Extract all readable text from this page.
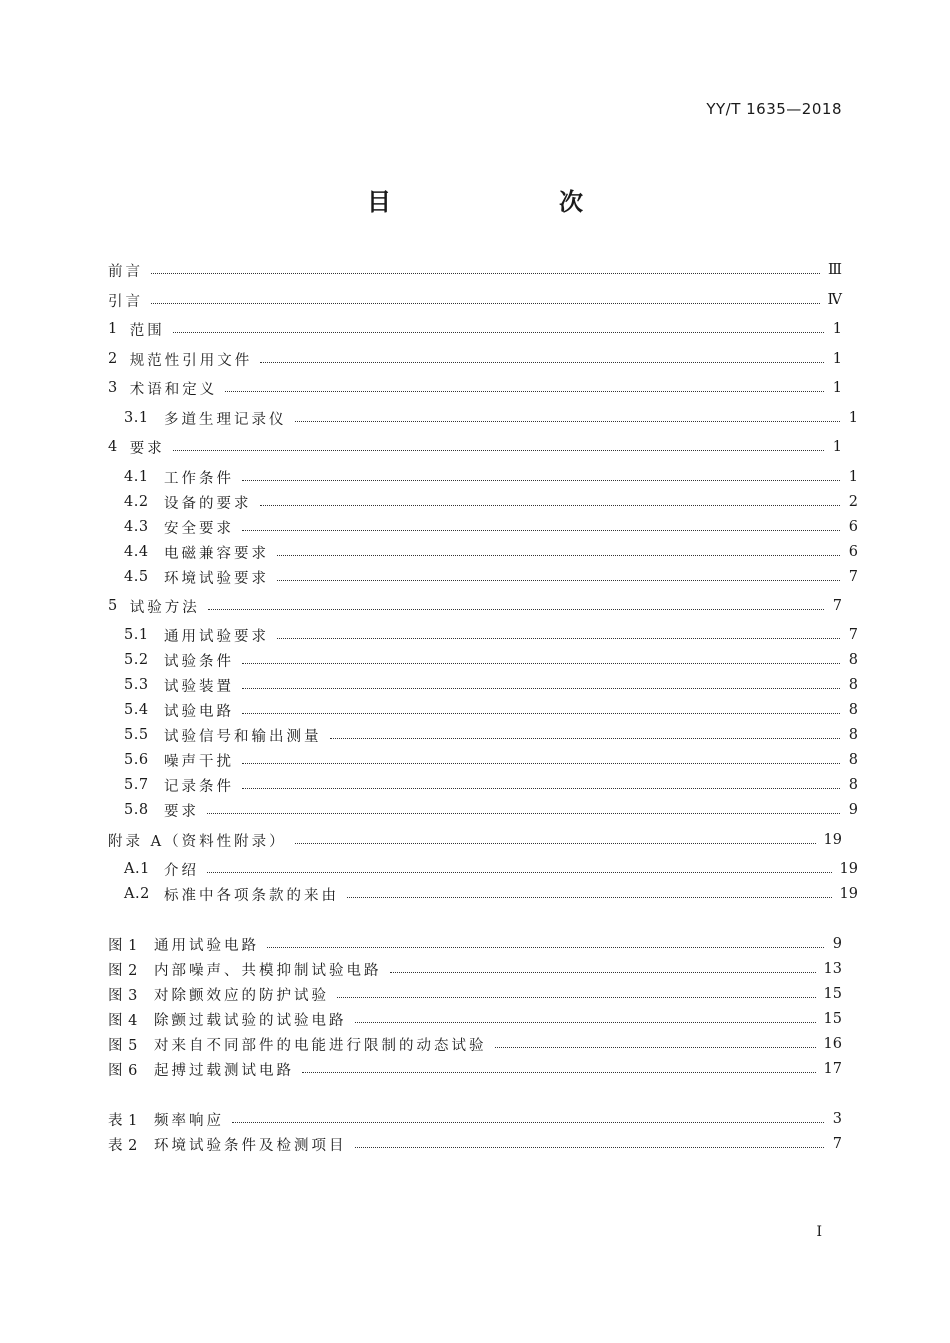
YY/T 1635—2018
目　　次
前言	Ⅲ
引言	Ⅳ
1 范围	1
2 规范性引用文件	1
3 术语和定义	1
3.1 多道生理记录仪	1
4 要求	1
4.1 工作条件	1
4.2 设备的要求	2
4.3 安全要求	6
4.4 电磁兼容要求	6
4.5 环境试验要求	7
5 试验方法	7
5.1 通用试验要求	7
5.2 试验条件	8
5.3 试验装置	8
5.4 试验电路	8
5.5 试验信号和输出测量	8
5.6 噪声干扰	8
5.7 记录条件	8
5.8 要求	9
附录 A（资料性附录）	19
A.1 介绍	19
A.2 标准中各项条款的来由	19
图 1 通用试验电路	9
图 2 内部噪声、共模抑制试验电路	13
图 3 对除颤效应的防护试验	15
图 4 除颤过载试验的试验电路	15
图 5 对来自不同部件的电能进行限制的动态试验	16
图 6 起搏过载测试电路	17
表 1 频率响应	3
表 2 环境试验条件及检测项目	7
I
